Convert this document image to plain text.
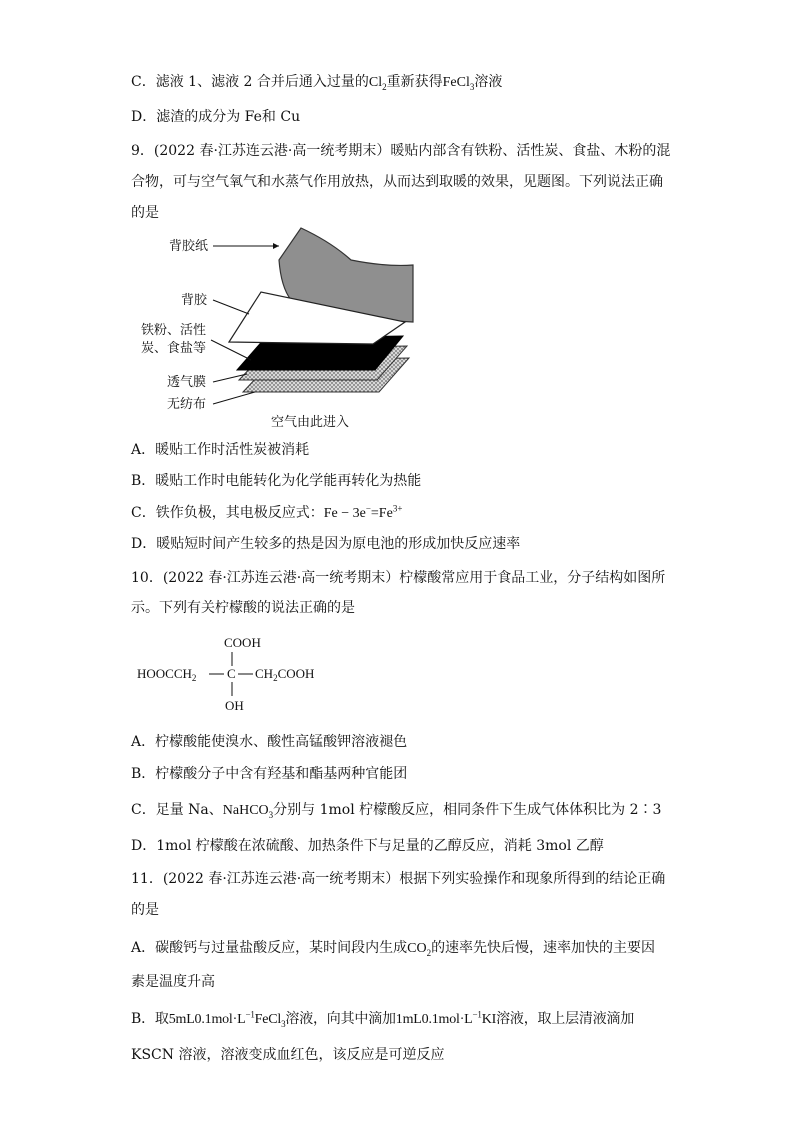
C．滤液 1、滤液 2 合并后通入过量的$Cl_2$重新获得FeCl$_3$溶液
D．滤渣的成分为 Fe和 Cu
9．(2022 春·江苏连云港·高一统考期末）暖贴内部含有铁粉、活性炭、食盐、木粉的混
合物，可与空气氧气和水蒸气作用放热，从而达到取暖的效果，见题图。下列说法正确
的是
背胶纸
背胶
铁粉、活性
炭、食盐等
透气膜
无纺布
空气由此进入
A．暖贴工作时活性炭被消耗
B．暖贴工作时电能转化为化学能再转化为热能
C．铁作负极，其电极反应式：$Fe - 3e^-=Fe^{3+}$
D．暖贴短时间产生较多的热是因为原电池的形成加快反应速率
10．(2022 春·江苏连云港·高一统考期末）柠檬酸常应用于食品工业，分子结构如图所
示。下列有关柠檬酸的说法正确的是
COOH
$HOOCCH_2$ C $CH_2COOH$
OH
A．柠檬酸能使溴水、酸性高锰酸钾溶液褪色
B．柠檬酸分子中含有羟基和酯基两种官能团
C．足量 Na、NaHCO$_3$分别与 1mol 柠檬酸反应，相同条件下生成气体体积比为 2∶3
D．1mol 柠檬酸在浓硫酸、加热条件下与足量的乙醇反应，消耗 3mol 乙醇
11．(2022 春·江苏连云港·高一统考期末）根据下列实验操作和现象所得到的结论正确
的是
A．碳酸钙与过量盐酸反应，某时间段内生成$CO_2$的速率先快后慢，速率加快的主要因
素是温度升高
B．取$5mL0.1mol\cdot L^{-1}FeCl_3$溶液，向其中滴加$1mL0.1mol\cdot L^{-1}KI$溶液，取上层清液滴加
KSCN 溶液，溶液变成血红色，该反应是可逆反应
